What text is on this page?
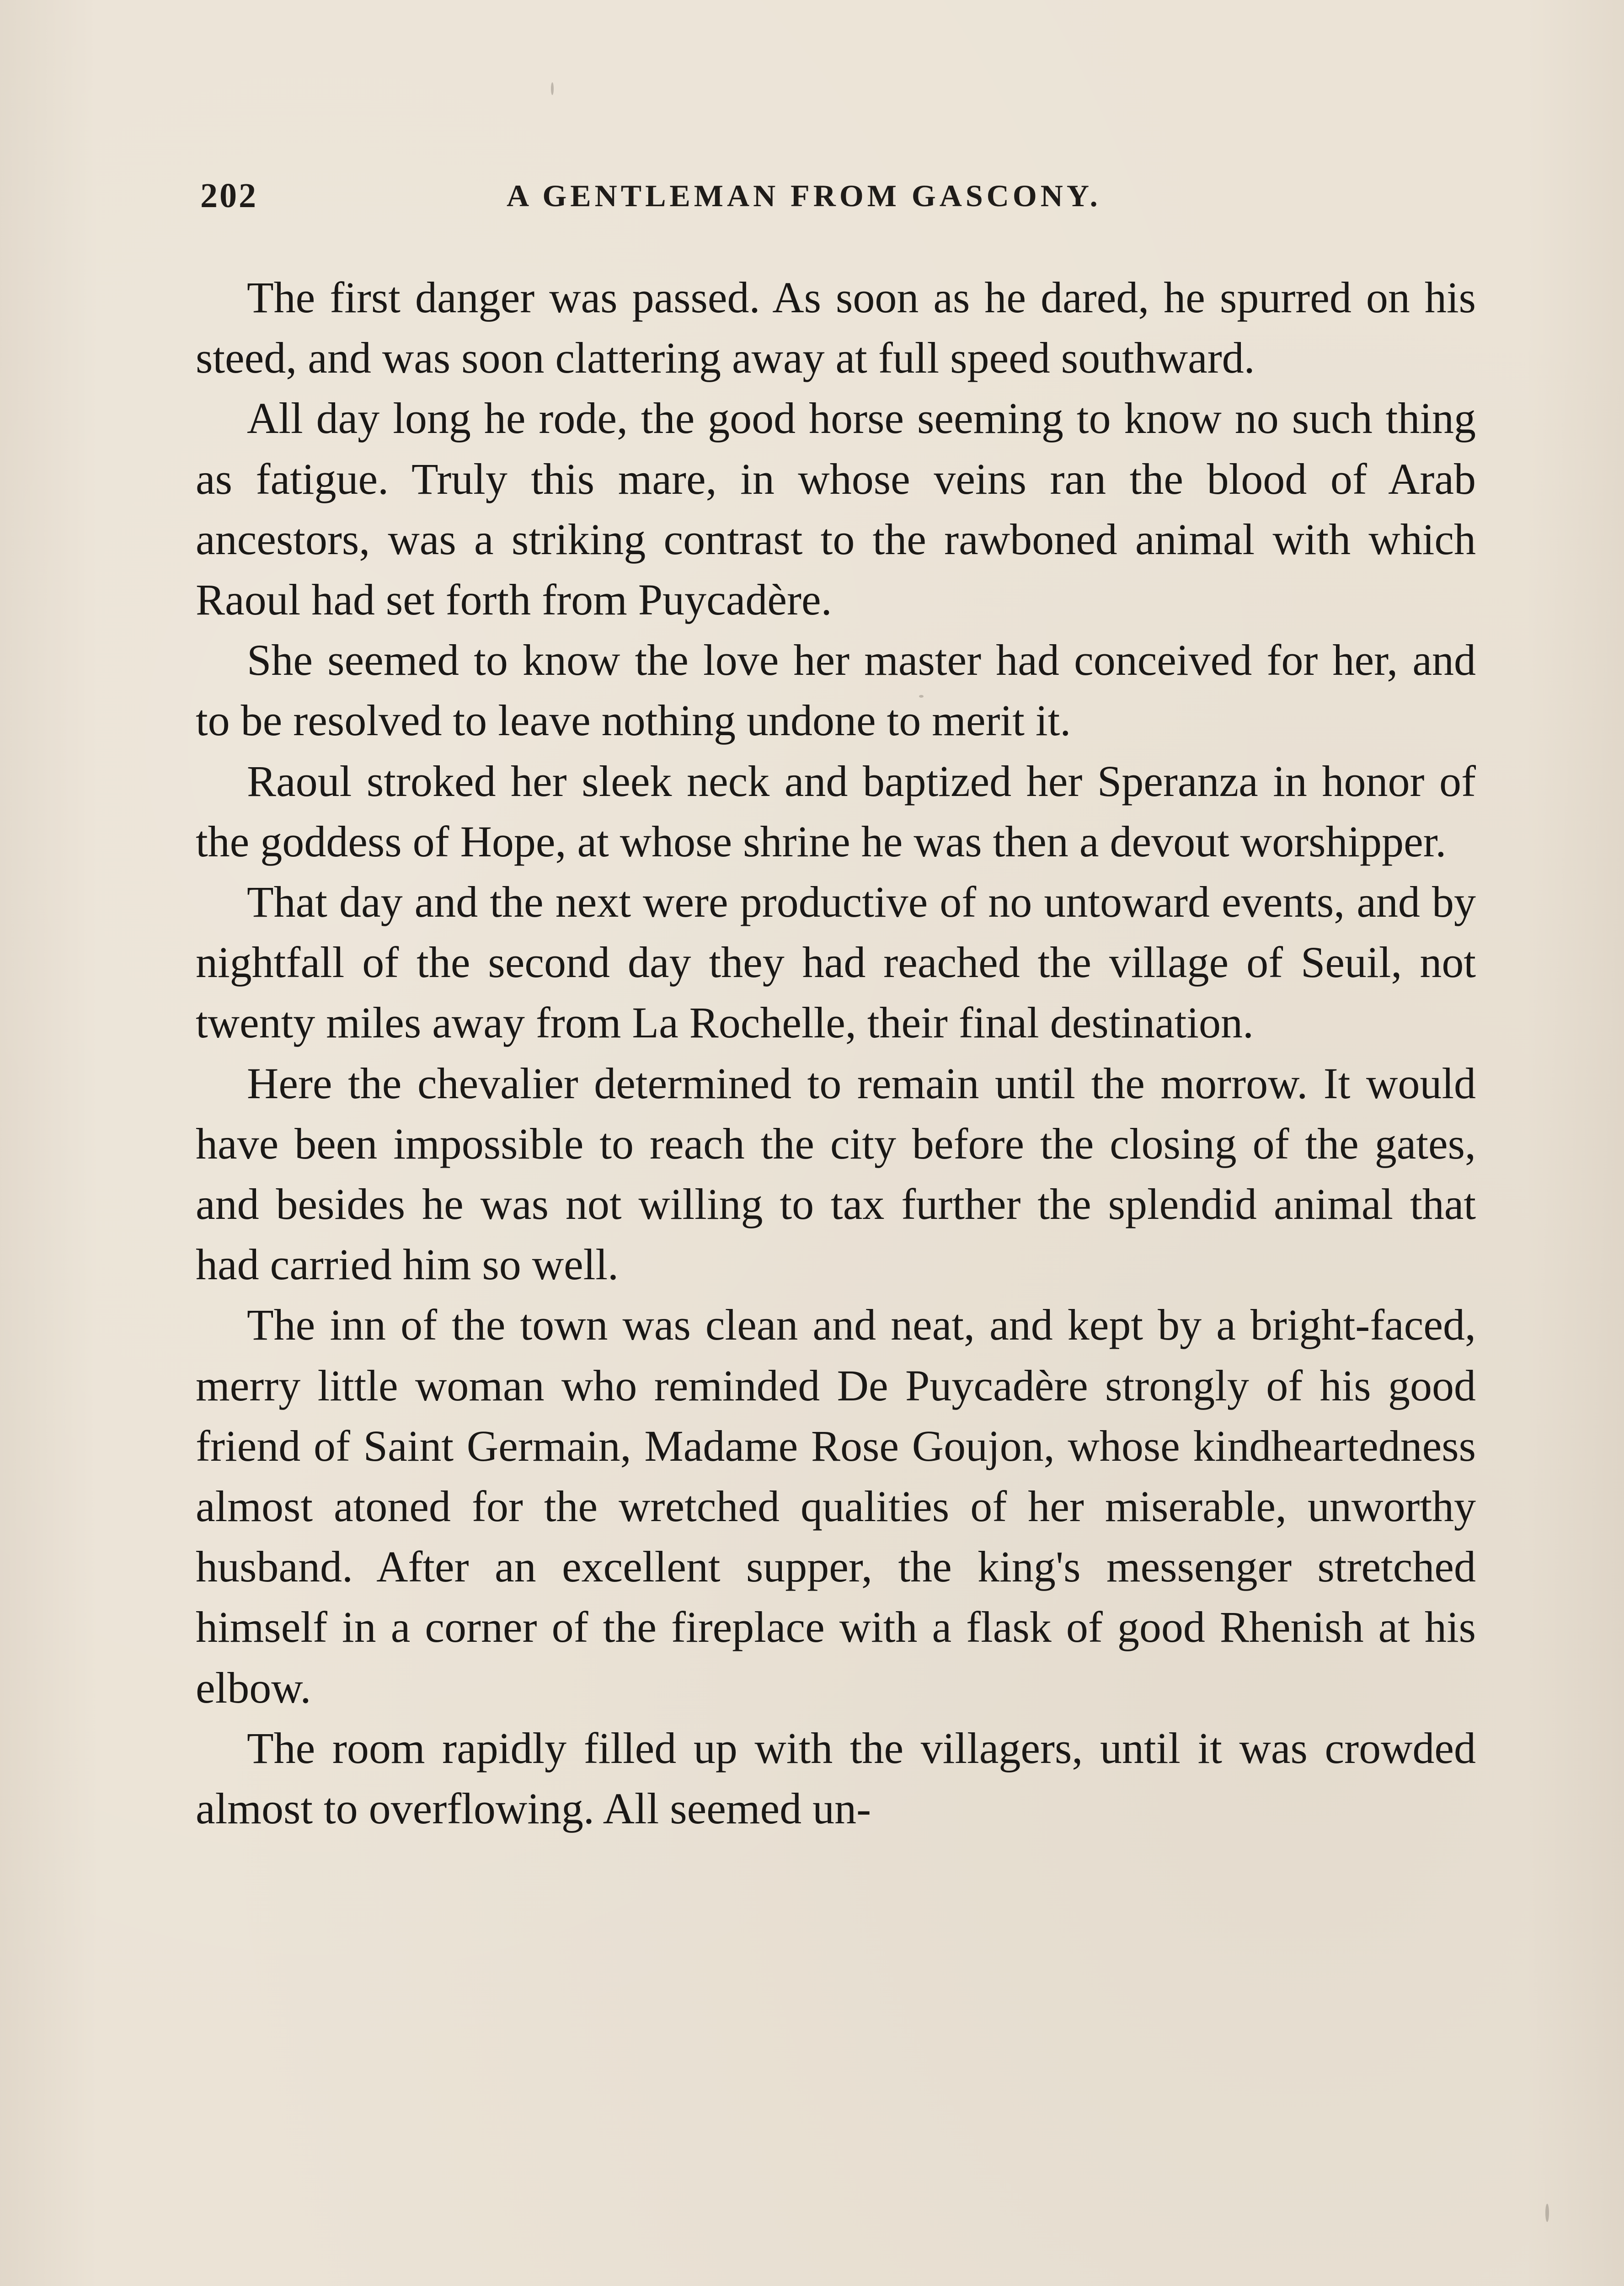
202	A GENTLEMAN FROM GASCONY.

The first danger was passed. As soon as he dared, he spurred on his steed, and was soon clattering away at full speed southward.

All day long he rode, the good horse seeming to know no such thing as fatigue. Truly this mare, in whose veins ran the blood of Arab ancestors, was a striking contrast to the rawboned animal with which Raoul had set forth from Puycadère.

She seemed to know the love her master had conceived for her, and to be resolved to leave nothing undone to merit it.

Raoul stroked her sleek neck and baptized her Speranza in honor of the goddess of Hope, at whose shrine he was then a devout worshipper.

That day and the next were productive of no untoward events, and by nightfall of the second day they had reached the village of Seuil, not twenty miles away from La Rochelle, their final destination.

Here the chevalier determined to remain until the morrow. It would have been impossible to reach the city before the closing of the gates, and besides he was not willing to tax further the splendid animal that had carried him so well.

The inn of the town was clean and neat, and kept by a bright-faced, merry little woman who reminded De Puycadère strongly of his good friend of Saint Germain, Madame Rose Goujon, whose kindheartedness almost atoned for the wretched qualities of her miserable, unworthy husband. After an excellent supper, the king's messenger stretched himself in a corner of the fireplace with a flask of good Rhenish at his elbow.

The room rapidly filled up with the villagers, until it was crowded almost to overflowing. All seemed un-
